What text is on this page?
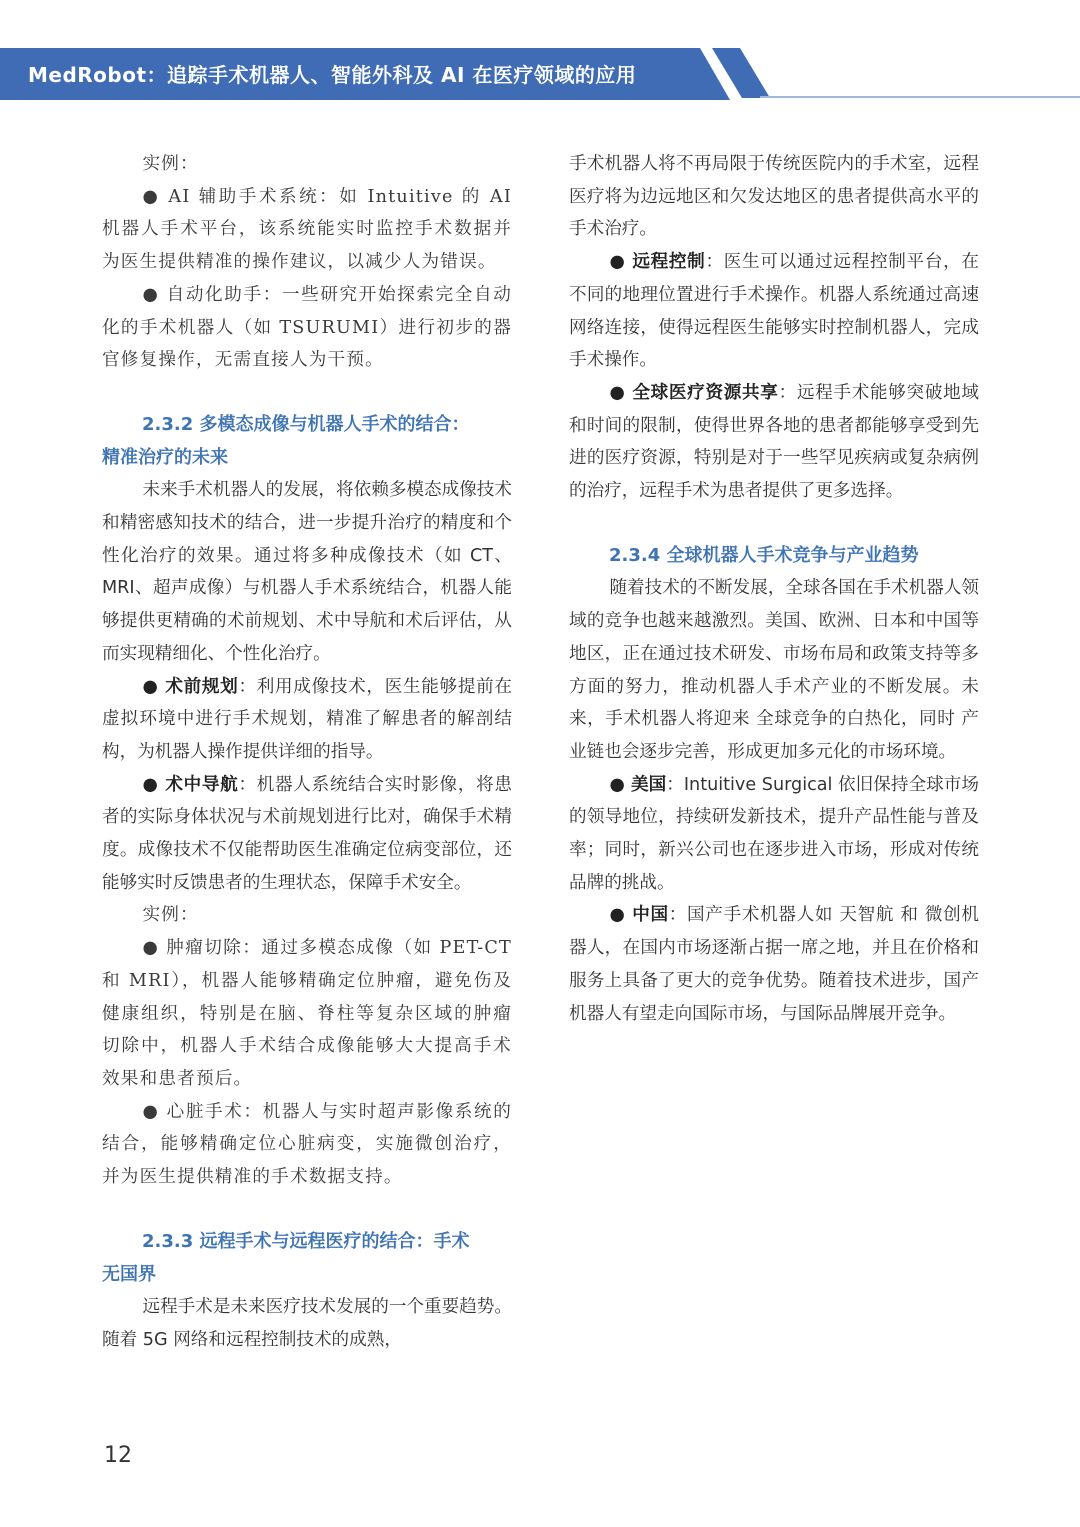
MedRobot：追踪手术机器人、智能外科及 AI 在医疗领域的应用

实例：

● AI 辅助手术系统：如 Intuitive 的 AI 机器人手术平台，该系统能实时监控手术数据并为医生提供精准的操作建议，以减少人为错误。

● 自动化助手：一些研究开始探索完全自动化的手术机器人（如 TSURUMI）进行初步的器官修复操作，无需直接人为干预。

2.3.2 多模态成像与机器人手术的结合：
精准治疗的未来

未来手术机器人的发展，将依赖多模态成像技术和精密感知技术的结合，进一步提升治疗的精度和个性化治疗的效果。通过将多种成像技术（如 CT、MRI、超声成像）与机器人手术系统结合，机器人能够提供更精确的术前规划、术中导航和术后评估，从而实现精细化、个性化治疗。

● 术前规划：利用成像技术，医生能够提前在虚拟环境中进行手术规划，精准了解患者的解剖结构，为机器人操作提供详细的指导。

● 术中导航：机器人系统结合实时影像，将患者的实际身体状况与术前规划进行比对，确保手术精度。成像技术不仅能帮助医生准确定位病变部位，还能够实时反馈患者的生理状态，保障手术安全。

实例：

● 肿瘤切除：通过多模态成像（如 PET-CT 和 MRI），机器人能够精确定位肿瘤，避免伤及健康组织，特别是在脑、脊柱等复杂区域的肿瘤切除中，机器人手术结合成像能够大大提高手术效果和患者预后。

● 心脏手术：机器人与实时超声影像系统的结合，能够精确定位心脏病变，实施微创治疗，并为医生提供精准的手术数据支持。

2.3.3 远程手术与远程医疗的结合：手术
无国界

远程手术是未来医疗技术发展的一个重要趋势。随着 5G 网络和远程控制技术的成熟，

手术机器人将不再局限于传统医院内的手术室，远程医疗将为边远地区和欠发达地区的患者提供高水平的手术治疗。

● 远程控制：医生可以通过远程控制平台，在不同的地理位置进行手术操作。机器人系统通过高速网络连接，使得远程医生能够实时控制机器人，完成手术操作。

● 全球医疗资源共享：远程手术能够突破地域和时间的限制，使得世界各地的患者都能够享受到先进的医疗资源，特别是对于一些罕见疾病或复杂病例的治疗，远程手术为患者提供了更多选择。

2.3.4 全球机器人手术竞争与产业趋势

随着技术的不断发展，全球各国在手术机器人领域的竞争也越来越激烈。美国、欧洲、日本和中国等地区，正在通过技术研发、市场布局和政策支持等多方面的努力，推动机器人手术产业的不断发展。未来，手术机器人将迎来 全球竞争的白热化，同时 产业链也会逐步完善，形成更加多元化的市场环境。

● 美国：Intuitive Surgical 依旧保持全球市场的领导地位，持续研发新技术，提升产品性能与普及率；同时，新兴公司也在逐步进入市场，形成对传统品牌的挑战。

● 中国：国产手术机器人如 天智航 和 微创机器人，在国内市场逐渐占据一席之地，并且在价格和服务上具备了更大的竞争优势。随着技术进步，国产机器人有望走向国际市场，与国际品牌展开竞争。

12
